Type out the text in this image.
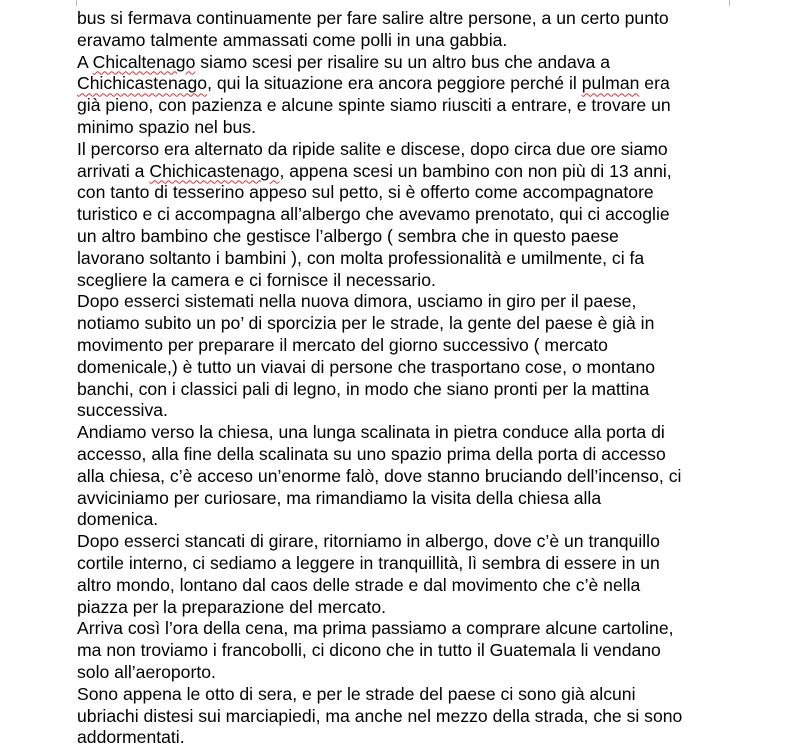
bus si fermava continuamente per fare salire altre persone, a un certo punto
eravamo talmente ammassati come polli in una gabbia.
A Chicaltenago siamo scesi per risalire su un altro bus che andava a
Chichicastenago, qui la situazione era ancora peggiore perché il pulman era
già pieno, con pazienza e alcune spinte siamo riusciti a entrare, e trovare un
minimo spazio nel bus.
Il percorso era alternato da ripide salite e discese, dopo circa due ore siamo
arrivati a Chichicastenago, appena scesi un bambino con non più di 13 anni,
con tanto di tesserino appeso sul petto, si è offerto come accompagnatore
turistico e ci accompagna all’albergo che avevamo prenotato, qui ci accoglie
un altro bambino che gestisce l’albergo ( sembra che in questo paese
lavorano soltanto i bambini ), con molta professionalità e umilmente, ci fa
scegliere la camera e ci fornisce il necessario.
Dopo esserci sistemati nella nuova dimora, usciamo in giro per il paese,
notiamo subito un po’ di sporcizia per le strade, la gente del paese è già in
movimento per preparare il mercato del giorno successivo ( mercato
domenicale,) è tutto un viavai di persone che trasportano cose, o montano
banchi, con i classici pali di legno, in modo che siano pronti per la mattina
successiva.
Andiamo verso la chiesa, una lunga scalinata in pietra conduce alla porta di
accesso, alla fine della scalinata su uno spazio prima della porta di accesso
alla chiesa, c’è acceso un’enorme falò, dove stanno bruciando dell’incenso, ci
avviciniamo per curiosare, ma rimandiamo la visita della chiesa alla
domenica.
Dopo esserci stancati di girare, ritorniamo in albergo, dove c’è un tranquillo
cortile interno, ci sediamo a leggere in tranquillità, lì sembra di essere in un
altro mondo, lontano dal caos delle strade e dal movimento che c’è nella
piazza per la preparazione del mercato.
Arriva così l’ora della cena, ma prima passiamo a comprare alcune cartoline,
ma non troviamo i francobolli, ci dicono che in tutto il Guatemala li vendano
solo all’aeroporto.
Sono appena le otto di sera, e per le strade del paese ci sono già alcuni
ubriachi distesi sui marciapiedi, ma anche nel mezzo della strada, che si sono
addormentati.
